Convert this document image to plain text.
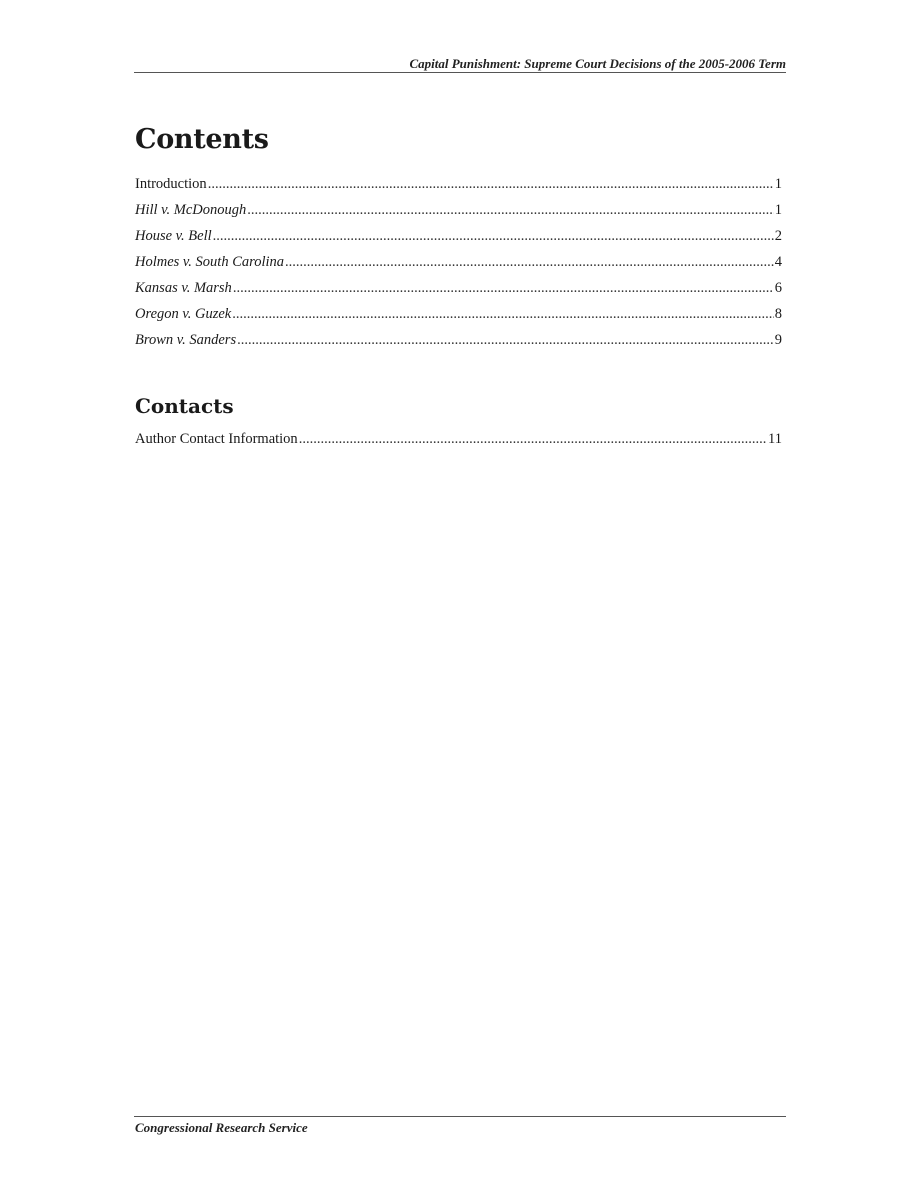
Capital Punishment: Supreme Court Decisions of the 2005-2006 Term
Contents
Introduction .....	1
Hill v. McDonough .....	1
House v. Bell .....	2
Holmes v. South Carolina .....	4
Kansas v. Marsh .....	6
Oregon v. Guzek .....	8
Brown v. Sanders .....	9
Contacts
Author Contact Information .....	11
Congressional Research Service
